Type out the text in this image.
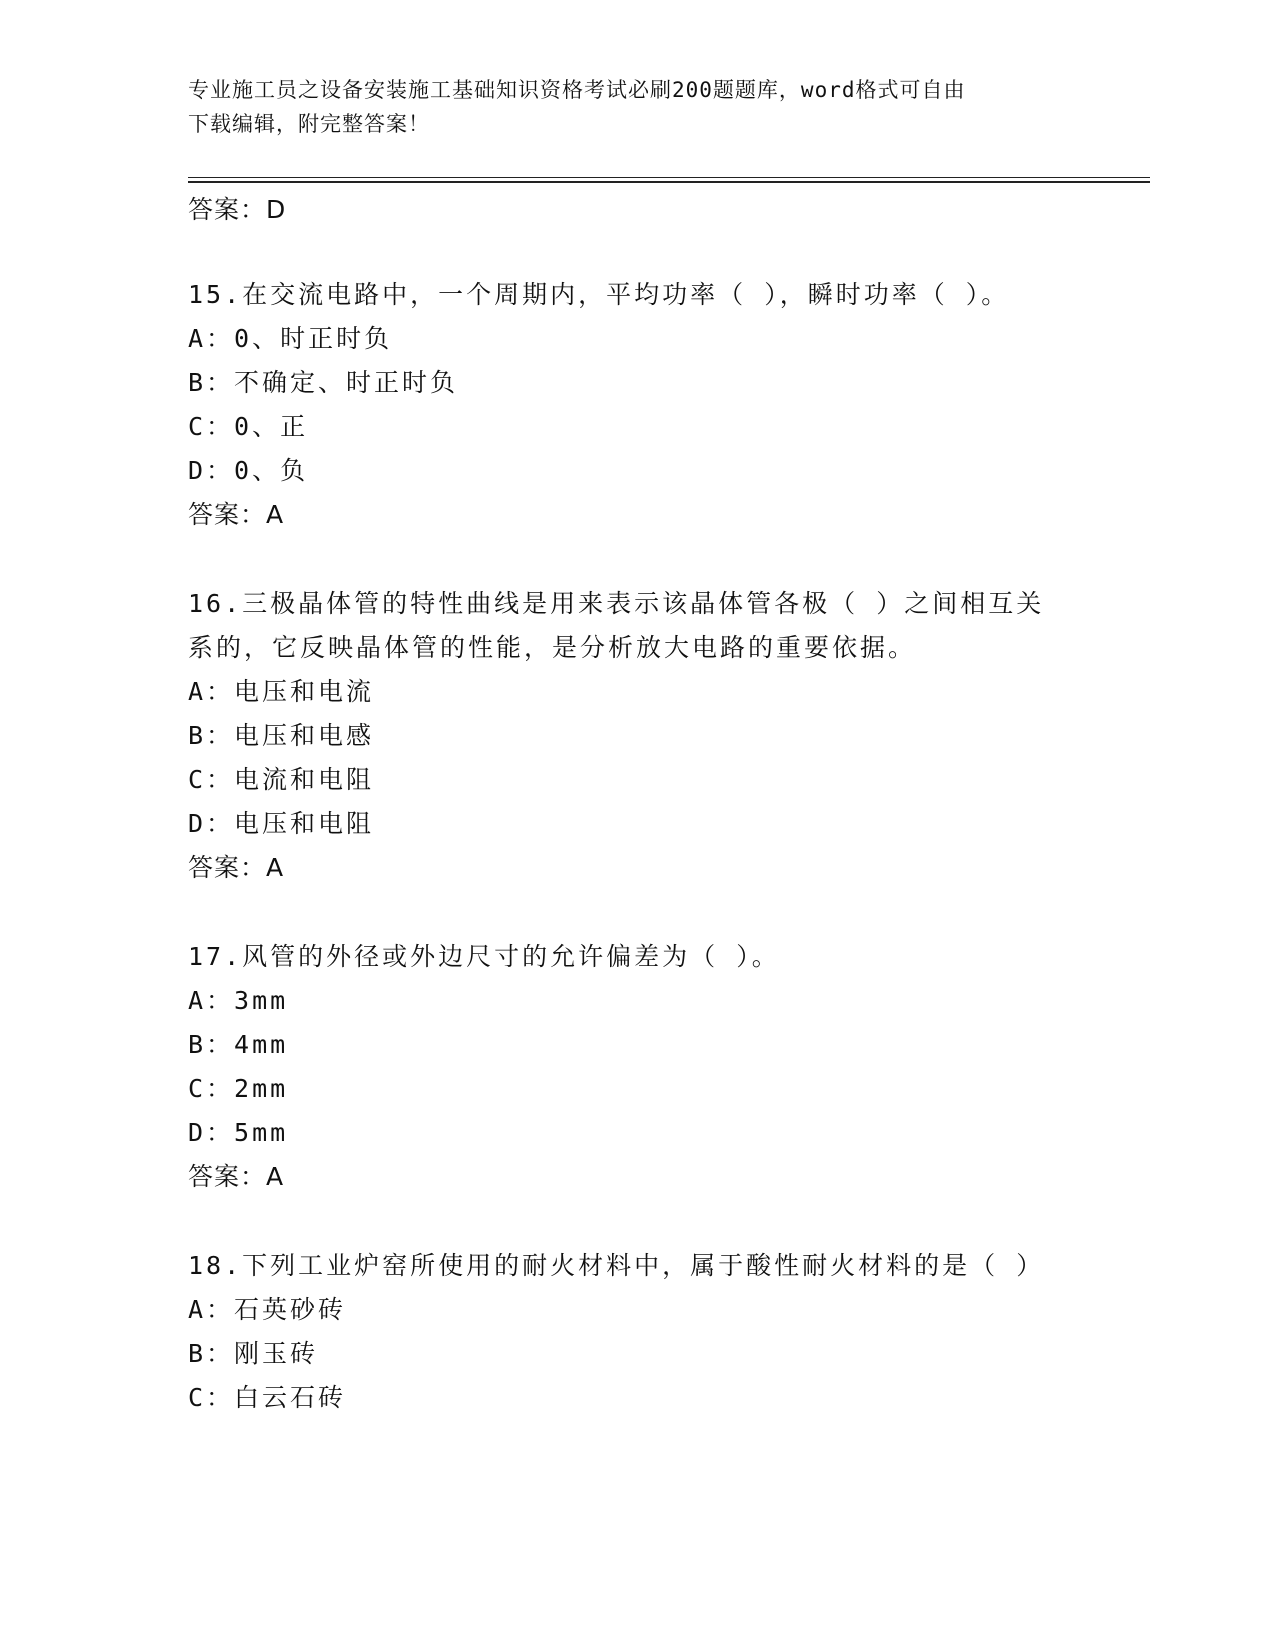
专业施工员之设备安装施工基础知识资格考试必刷200题题库，word格式可自由
下载编辑，附完整答案！
答案：D
15.在交流电路中，一个周期内，平均功率（ ），瞬时功率（ ）。
A：0、时正时负
B：不确定、时正时负
C：0、正
D：0、负
答案：A
16.三极晶体管的特性曲线是用来表示该晶体管各极（ ）之间相互关
系的，它反映晶体管的性能，是分析放大电路的重要依据。
A：电压和电流
B：电压和电感
C：电流和电阻
D：电压和电阻
答案：A
17.风管的外径或外边尺寸的允许偏差为（ ）。
A：3mm
B：4mm
C：2mm
D：5mm
答案：A
18.下列工业炉窑所使用的耐火材料中，属于酸性耐火材料的是（ ）
A：石英砂砖
B：刚玉砖
C：白云石砖
